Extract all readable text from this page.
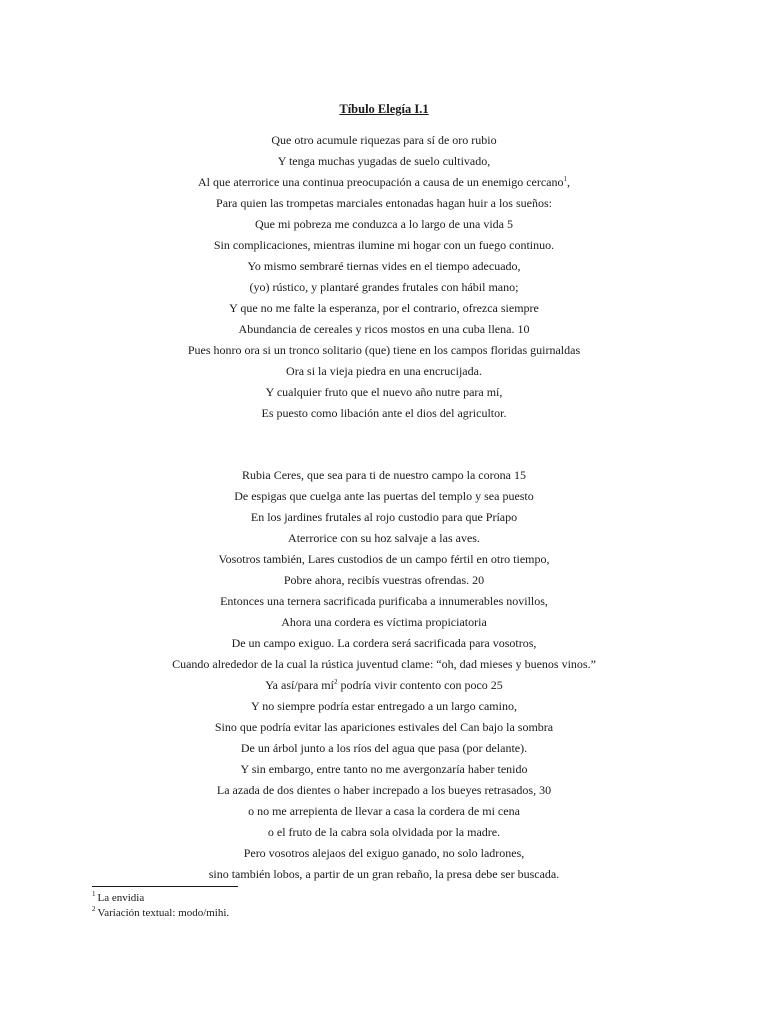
Tíbulo Elegía I.1
Que otro acumule riquezas para sí de oro rubio
Y tenga muchas yugadas de suelo cultivado,
Al que aterrorice una continua preocupación a causa de un enemigo cercano$^1$,
Para quien las trompetas marciales entonadas hagan huir a los sueños:
Que mi pobreza me conduzca a lo largo de una vida 5
Sin complicaciones, mientras ilumine mi hogar con un fuego continuo.
Yo mismo sembraré tiernas vides en el tiempo adecuado,
(yo) rústico, y plantaré grandes frutales con hábil mano;
Y que no me falte la esperanza, por el contrario, ofrezca siempre
Abundancia de cereales y ricos mostos en una cuba llena. 10
Pues honro ora si un tronco solitario (que) tiene en los campos floridas guirnaldas
Ora si la vieja piedra en una encrucijada.
Y cualquier fruto que el nuevo año nutre para mí,
Es puesto como libación ante el dios del agricultor.
Rubia Ceres, que sea para ti de nuestro campo la corona 15
De espigas que cuelga ante las puertas del templo y sea puesto
En los jardines frutales al rojo custodio para que Príapo
Aterrorice con su hoz salvaje a las aves.
Vosotros también, Lares custodios de un campo fértil en otro tiempo,
Pobre ahora, recibís vuestras ofrendas. 20
Entonces una ternera sacrificada purificaba a innumerables novillos,
Ahora una cordera es víctima propiciatoria
De un campo exiguo. La cordera será sacrificada para vosotros,
Cuando alrededor de la cual la rústica juventud clame: “oh, dad mieses y buenos vinos.”
Ya así/para mí$^2$ podría vivir contento con poco 25
Y no siempre podría estar entregado a un largo camino,
Sino que podría evitar las apariciones estivales del Can bajo la sombra
De un árbol junto a los ríos del agua que pasa (por delante).
Y sin embargo, entre tanto no me avergonzaría haber tenido
La azada de dos dientes o haber increpado a los bueyes retrasados, 30
o no me arrepienta de llevar a casa la cordera de mi cena
o el fruto de la cabra sola olvidada por la madre.
Pero vosotros alejaos del exiguo ganado, no solo ladrones,
sino también lobos, a partir de un gran rebaño, la presa debe ser buscada.
$^1$ La envidia
$^2$ Variación textual: modo/mihi.
